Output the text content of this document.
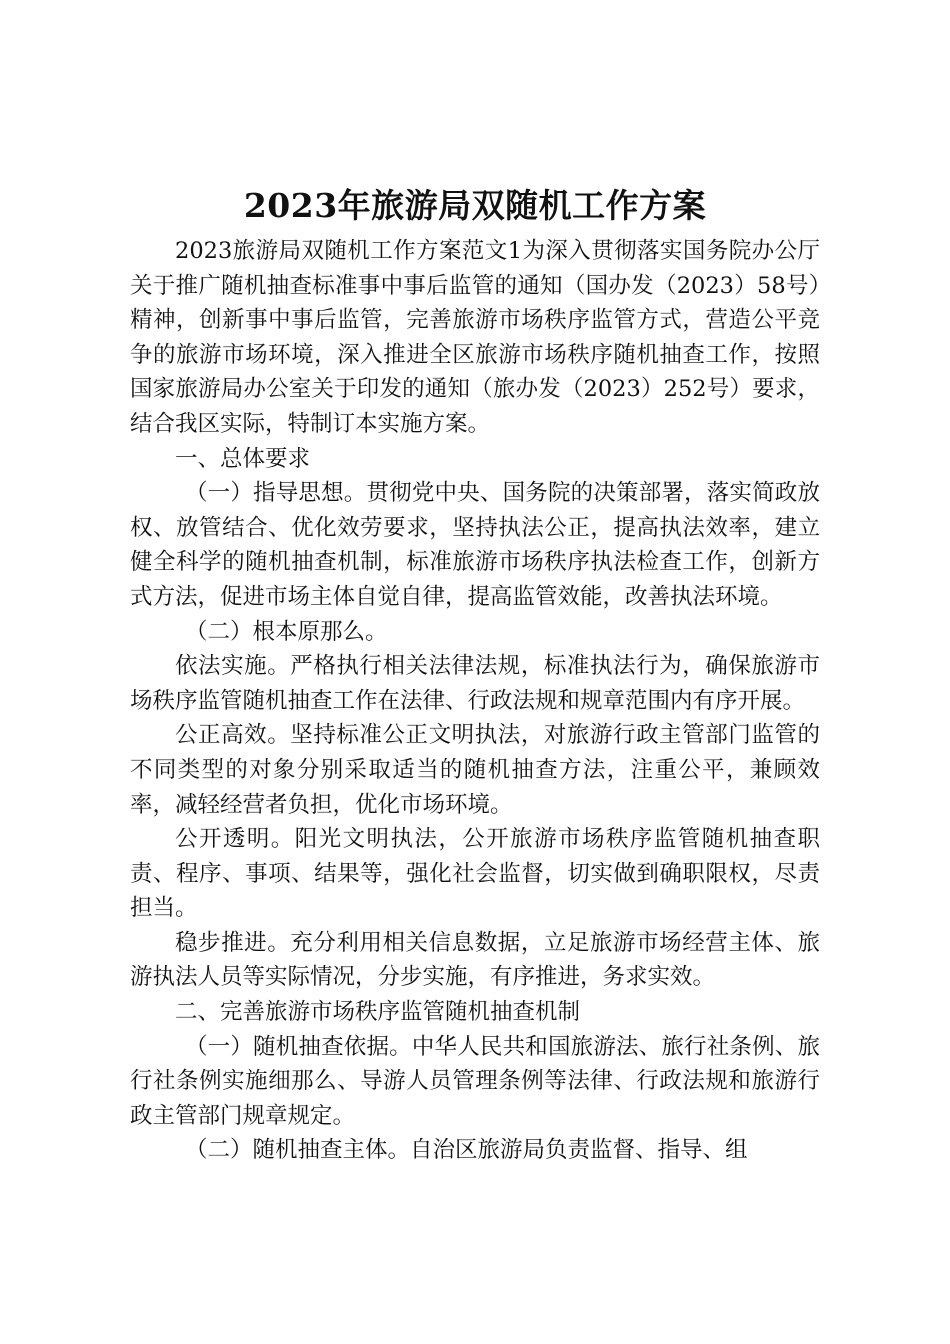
2023年旅游局双随机工作方案

2023旅游局双随机工作方案范文1为深入贯彻落实国务院办公厅关于推广随机抽查标准事中事后监管的通知（国办发（2023）58号）精神，创新事中事后监管，完善旅游市场秩序监管方式，营造公平竞争的旅游市场环境，深入推进全区旅游市场秩序随机抽查工作，按照国家旅游局办公室关于印发的通知（旅办发（2023）252号）要求，结合我区实际，特制订本实施方案。

一、总体要求

（一）指导思想。贯彻党中央、国务院的决策部署，落实简政放权、放管结合、优化效劳要求，坚持执法公正，提高执法效率，建立健全科学的随机抽查机制，标准旅游市场秩序执法检查工作，创新方式方法，促进市场主体自觉自律，提高监管效能，改善执法环境。

（二）根本原那么。

依法实施。严格执行相关法律法规，标准执法行为，确保旅游市场秩序监管随机抽查工作在法律、行政法规和规章范围内有序开展。

公正高效。坚持标准公正文明执法，对旅游行政主管部门监管的不同类型的对象分别采取适当的随机抽查方法，注重公平，兼顾效率，减轻经营者负担，优化市场环境。

公开透明。阳光文明执法，公开旅游市场秩序监管随机抽查职责、程序、事项、结果等，强化社会监督，切实做到确职限权，尽责担当。

稳步推进。充分利用相关信息数据，立足旅游市场经营主体、旅游执法人员等实际情况，分步实施，有序推进，务求实效。

二、完善旅游市场秩序监管随机抽查机制

（一）随机抽查依据。中华人民共和国旅游法、旅行社条例、旅行社条例实施细那么、导游人员管理条例等法律、行政法规和旅游行政主管部门规章规定。

（二）随机抽查主体。自治区旅游局负责监督、指导、组
